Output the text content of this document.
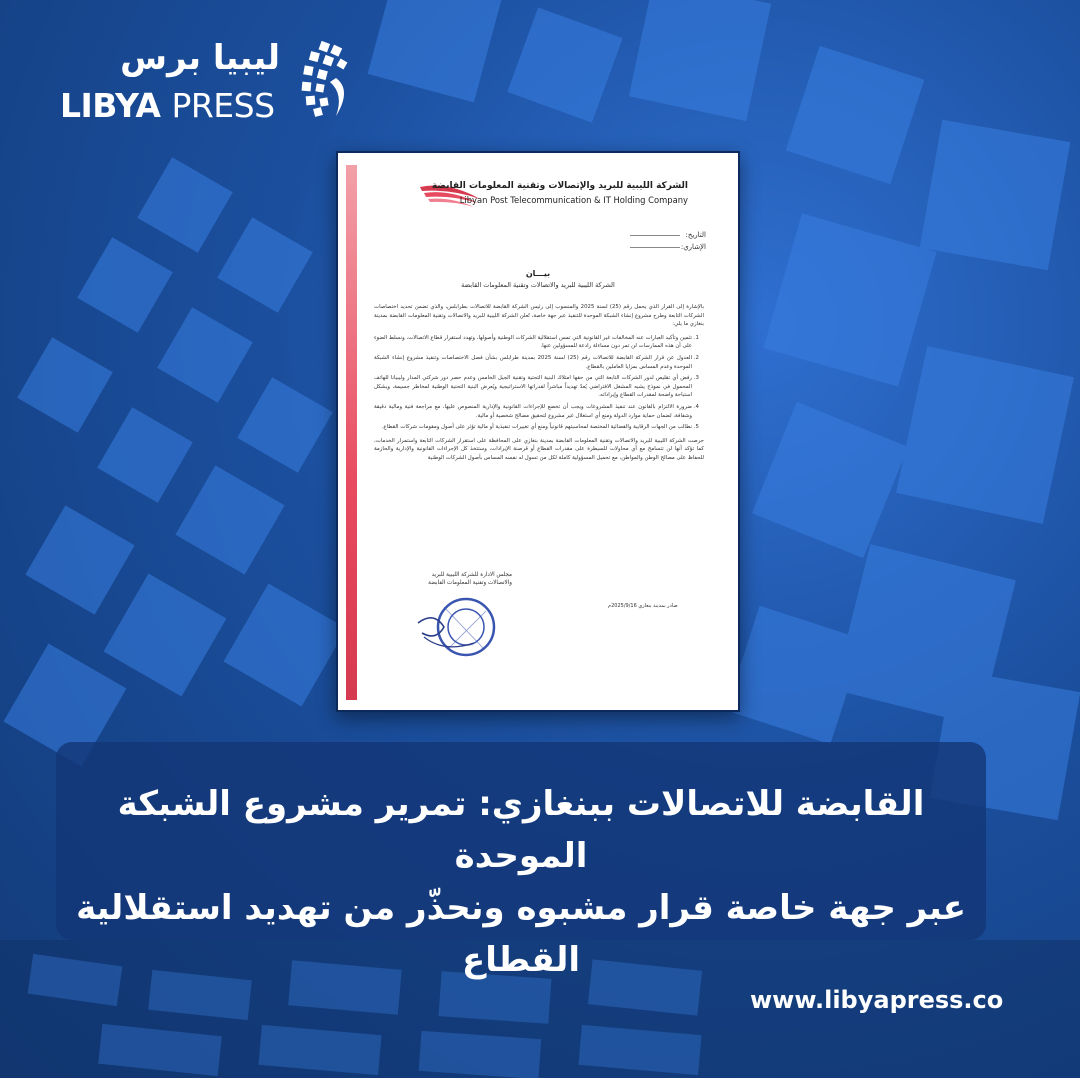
ليبيا برس
LIBYA PRESS
الشركة الليبية للبريد والإتصالات وتقنية المعلومات القابضة
Libyan Post Telecommunication & IT Holding Company
التاريخ:
الإشاري:
بيـــان
الشركة الليبية للبريد والاتصالات وتقنية المعلومات القابضة

بالإشارة إلى القرار الذي يحمل رقم (25) لسنة 2025 والمنسوب إلى رئيس الشركة القابضة للاتصالات بطرابلس، والذي تضمن تحديد اختصاصات الشركات التابعة وطرح مشروع إنشاء الشبكة الموحدة للتنفيذ عبر جهة خاصة، تُعلن الشركة الليبية للبريد والاتصالات وتقنية المعلومات القابضة بمدينة بنغازي ما يلي:

1. تثمين وتأكيد العبارات عنه المخالفات غير القانونية التي تمس استقلالية الشركات الوطنية وأصولها، وتهدد استقرار قطاع الاتصالات، ونسلط الضوء على أن هذه الممارسات لن تمر دون مساءلة رادعة للمسؤولين عنها.
2. العدول عن قرار الشركة القابضة للاتصالات رقم (25) لسنة 2025 بمدينة طرابلس بشأن فصل الاختصاصات وتنفيذ مشروع إنشاء الشبكة الموحدة وعدم المساس بمزايا العاملين بالقطاع.
3. رفض أي تقليص لدور الشركات التابعة التي من حقها امتلاك البنية التحتية وتقنية الجيل الخامس وعدم حصر دور شركتي المدار وليبيانا للهاتف المحمول في نموذج يشبه المشغل الافتراضي يُعدّ تهديداً مباشراً لقدراتها الاستراتيجية ويُعرض البنية التحتية الوطنية لمخاطر جسيمة، ويشكل استباحة واضحة لمقدرات القطاع وإيراداته.
4. ضرورة الالتزام بالقانون عند تنفيذ المشروعات ويجب أن تخضع للإجراءات القانونية والإدارية المنصوص عليها، مع مراجعة فنية ومالية دقيقة وشفافة، لضمان حماية موارد الدولة ومنع أي استغلال غير مشروع لتحقيق مصالح شخصية أو مالية.
5. نطالب من الجهات الرقابية والقضائية المختصة لمحاسبتهم قانونياً ومنع أي تغييرات تنفيذية أو مالية تؤثر على أصول ومقومات شركات القطاع.

حرصت الشركة الليبية للبريد والاتصالات وتقنية المعلومات القابضة بمدينة بنغازي على المحافظة على استقرار الشركات التابعة واستمرار الخدمات، كما تؤكد أنها لن تتسامح مع أي محاولات للسيطرة على مقدرات القطاع أو قرصنة الإيرادات، وستتخذ كل الإجراءات القانونية والإدارية والحازمة للحفاظ على مصالح الوطن والمواطن، مع تحميل المسؤولية كاملة لكل من تسول له نفسه المساس بأصول الشركات الوطنية

مجلس الادارة للشركة الليبية للبريد
والاتصالات وتقنية المعلومات القابضة
صادر بمدينة بنغازي 2025/9/16م
القابضة للاتصالات ببنغازي: تمرير مشروع الشبكة الموحدة
عبر جهة خاصة قرار مشبوه ونحذّر من تهديد استقلالية القطاع
www.libyapress.co
